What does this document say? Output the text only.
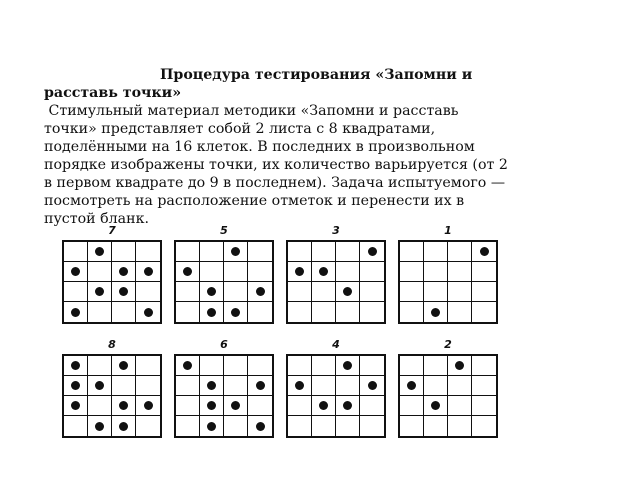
Процедура тестирования «Запомни и
расставь точки»
Стимульный материал методики «Запомни и расставь
точки» представляет собой 2 листа с 8 квадратами,
поделёнными на 16 клеток. В последних в произвольном
порядке изображены точки, их количество варьируется (от 2
в первом квадрате до 9 в последнем). Задача испытуемого —
посмотреть на расположение отметок и перенести их в
пустой бланк.
7	5	3	1
8	6	4	2
